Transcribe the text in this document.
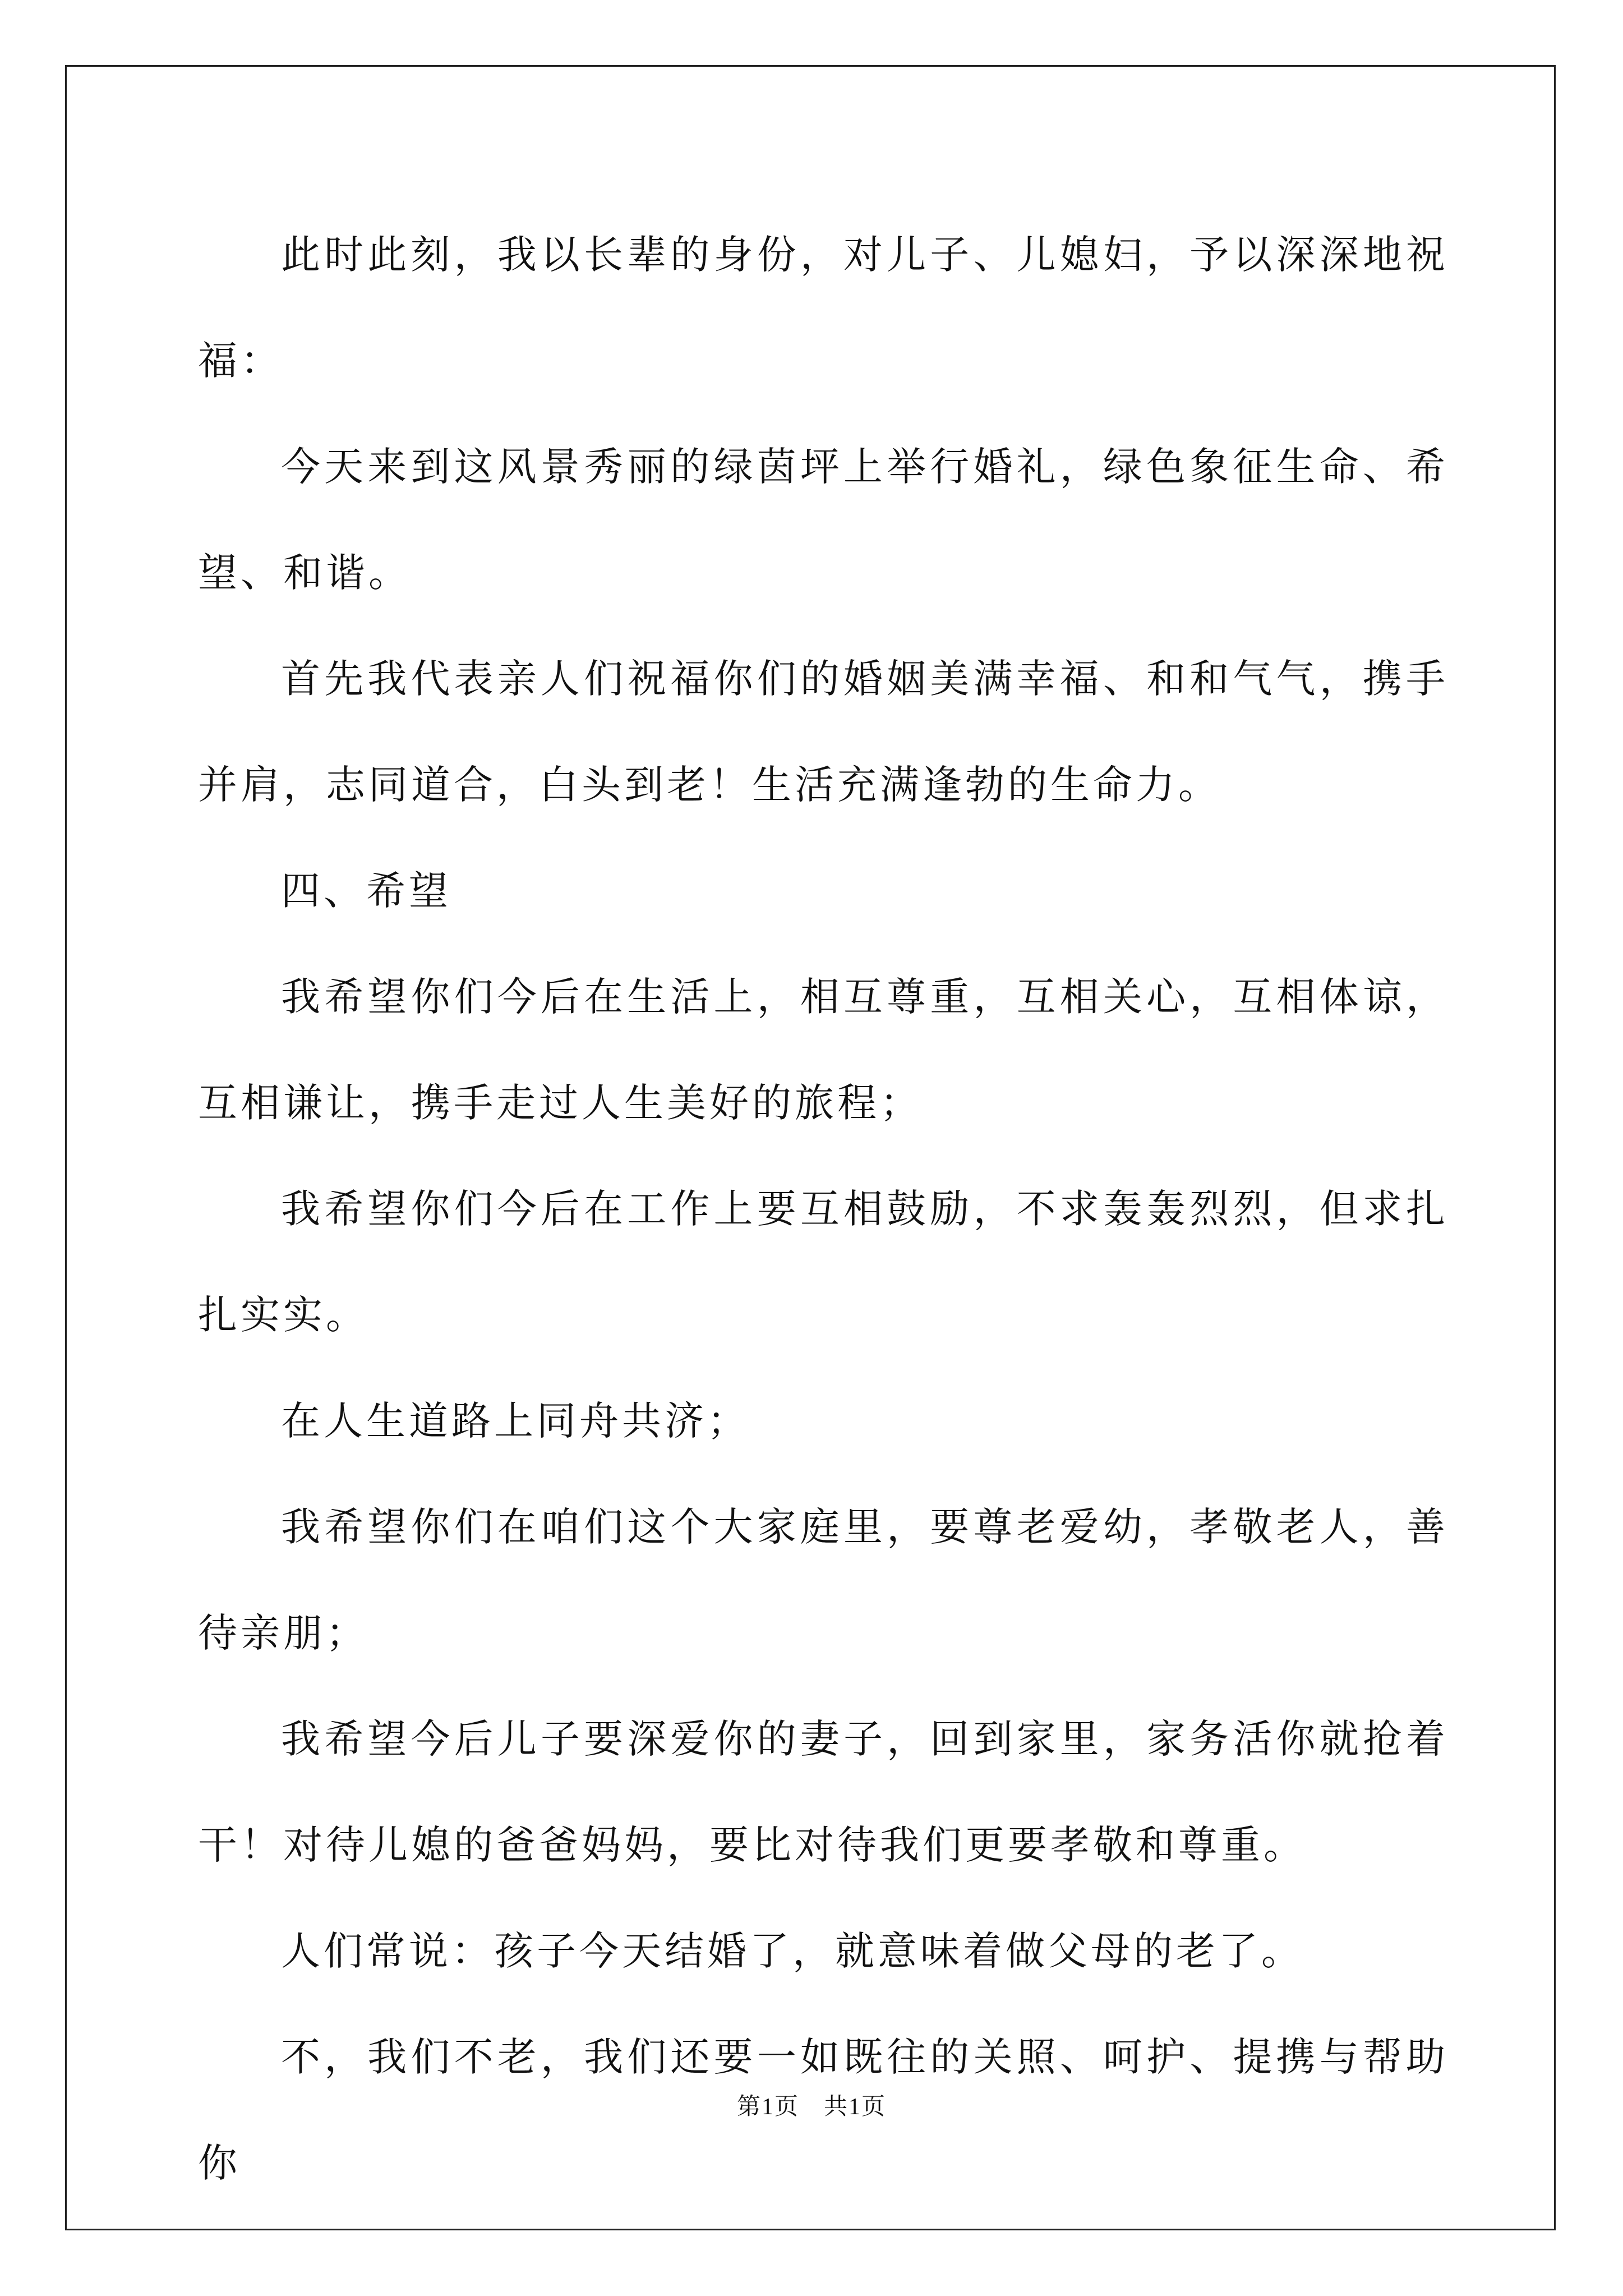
此时此刻，我以长辈的身份，对儿子、儿媳妇，予以深深地祝福：

今天来到这风景秀丽的绿茵坪上举行婚礼，绿色象征生命、希望、和谐。

首先我代表亲人们祝福你们的婚姻美满幸福、和和气气，携手并肩，志同道合，白头到老！生活充满逢勃的生命力。

四、希望

我希望你们今后在生活上，相互尊重，互相关心，互相体谅，互相谦让，携手走过人生美好的旅程；

我希望你们今后在工作上要互相鼓励，不求轰轰烈烈，但求扎扎实实。

在人生道路上同舟共济；

我希望你们在咱们这个大家庭里，要尊老爱幼，孝敬老人，善待亲朋；

我希望今后儿子要深爱你的妻子，回到家里，家务活你就抢着干！对待儿媳的爸爸妈妈，要比对待我们更要孝敬和尊重。

人们常说：孩子今天结婚了，就意味着做父母的老了。

不，我们不老，我们还要一如既往的关照、呵护、提携与帮助你

第1页 共1页
